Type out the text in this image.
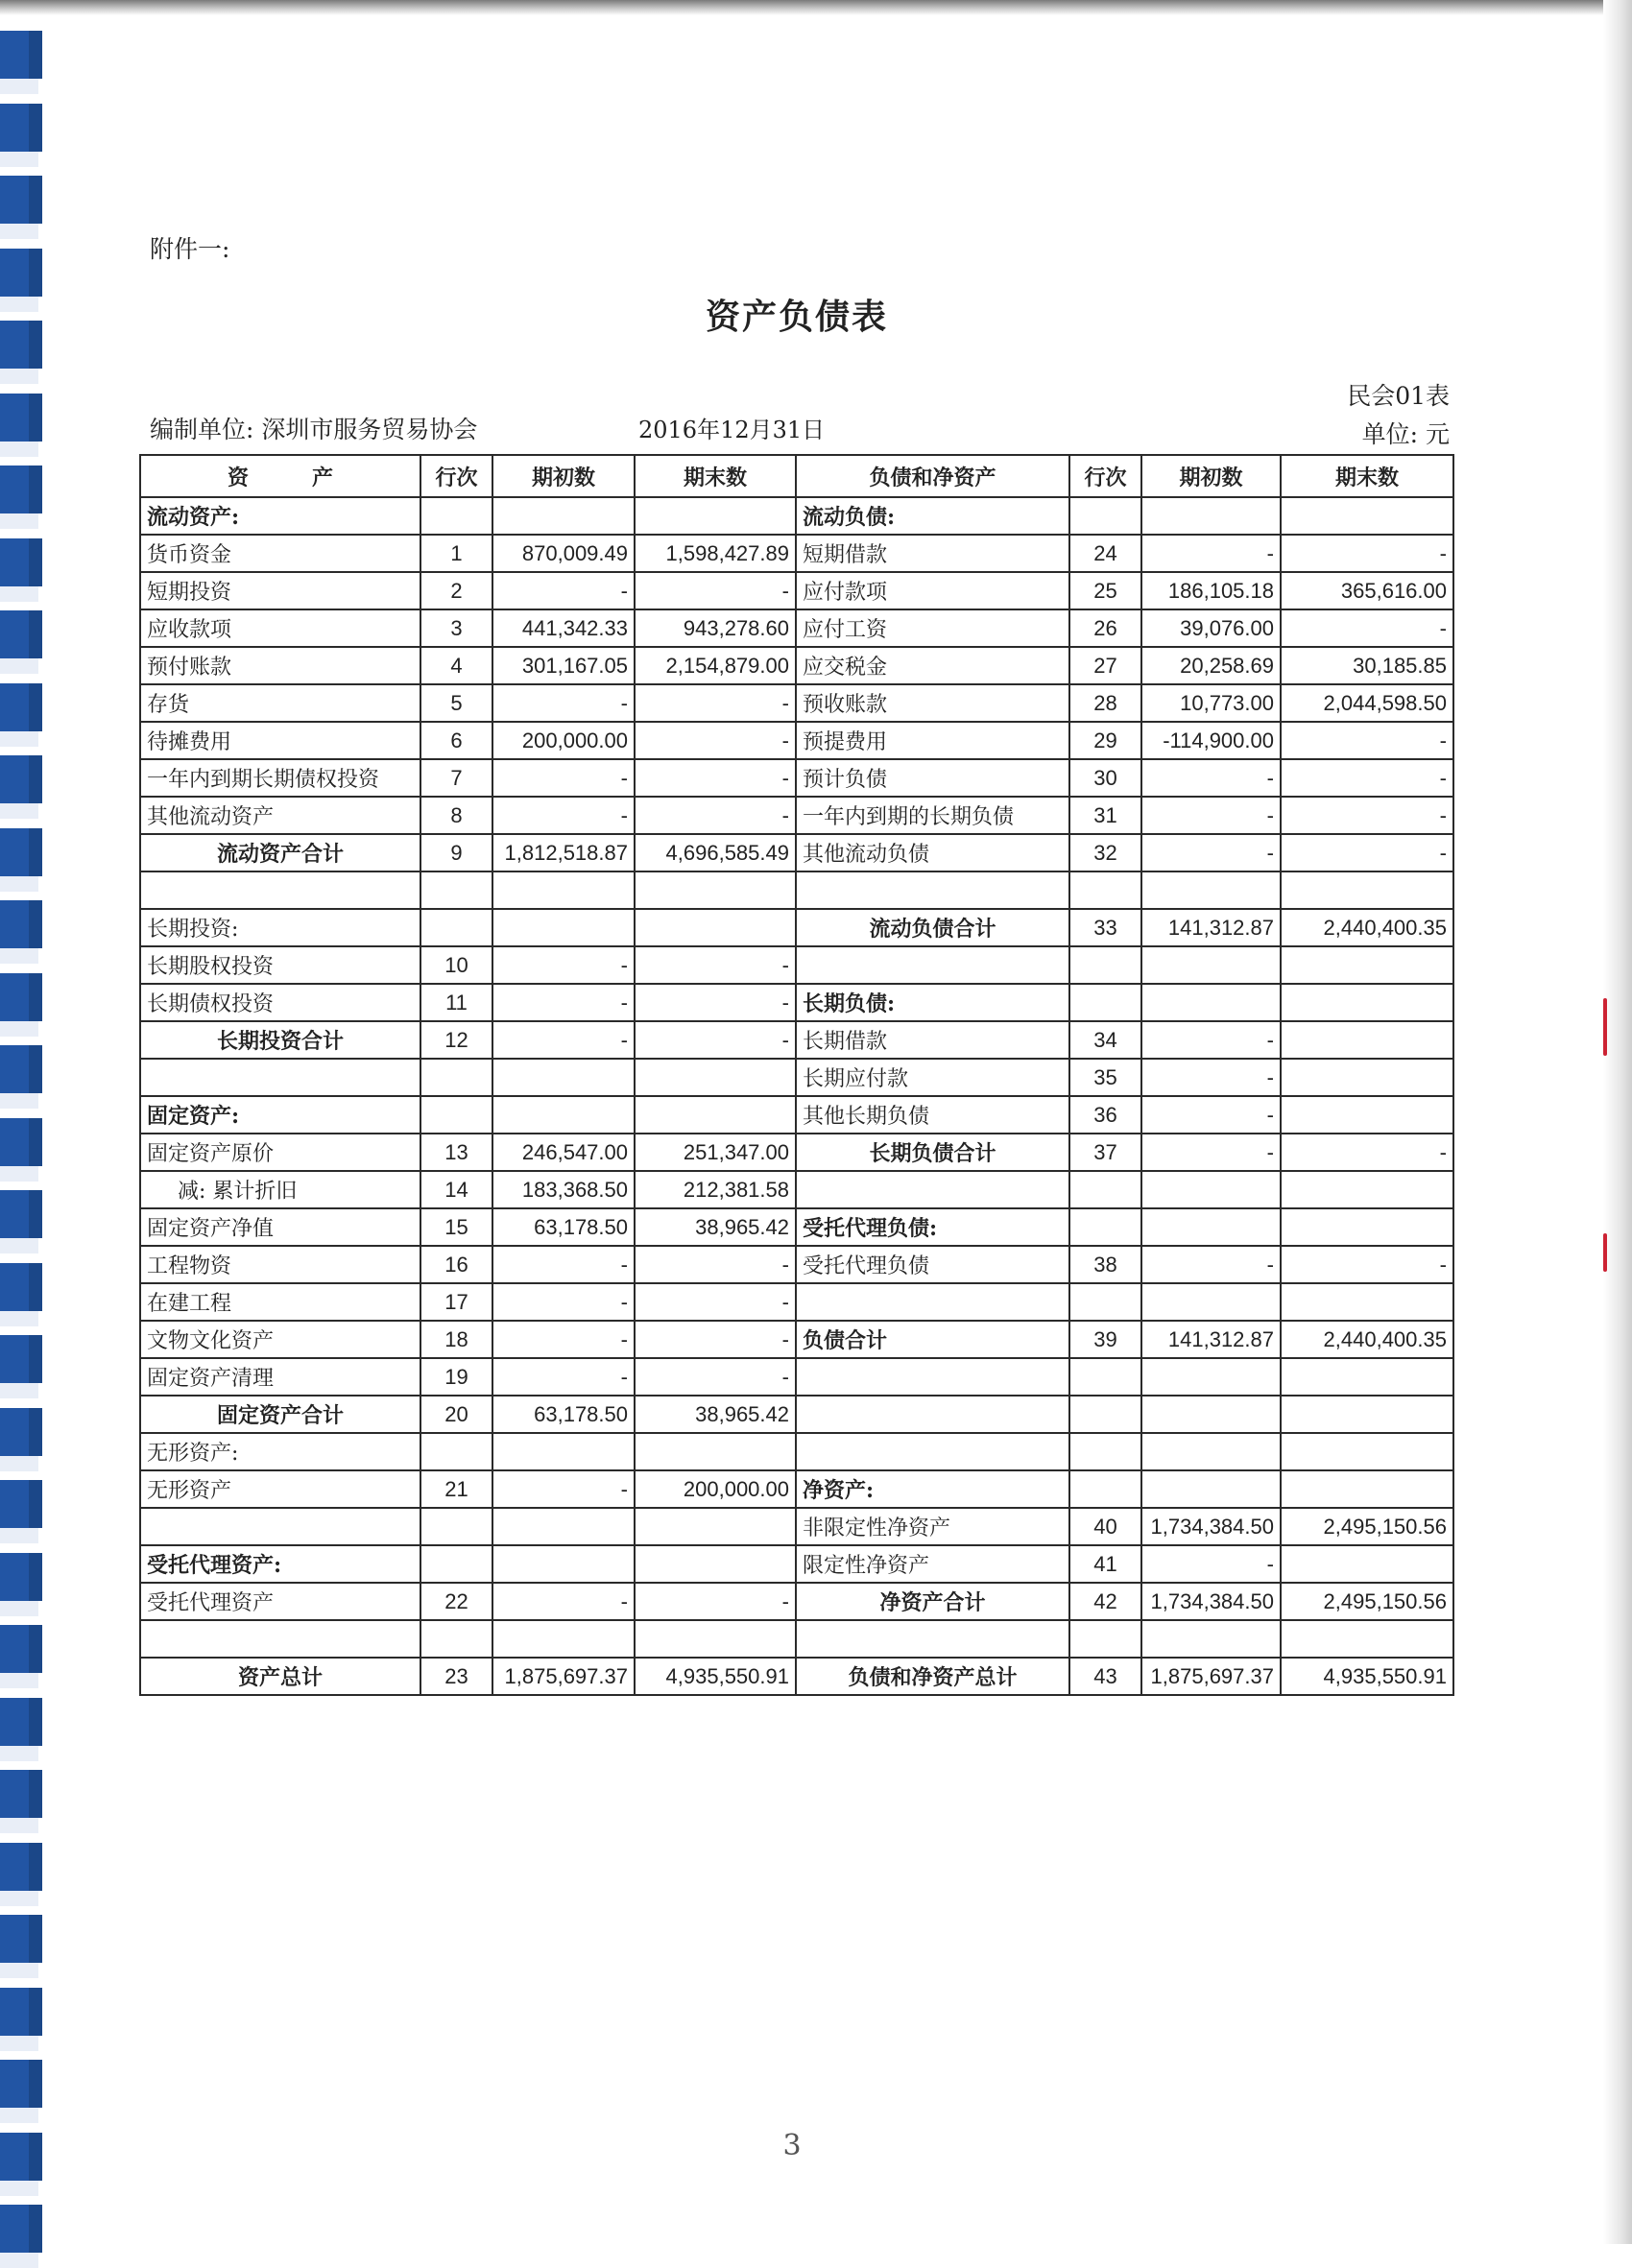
附件一:
资产负债表
民会01表
编制单位: 深圳市服务贸易协会	2016年12月31日	单位: 元
资　　　产	行次	期初数	期末数	负债和净资产	行次	期初数	期末数
流动资产:				流动负债:			
货币资金	1	870,009.49	1,598,427.89	短期借款	24	-	-
短期投资	2	-	-	应付款项	25	186,105.18	365,616.00
应收款项	3	441,342.33	943,278.60	应付工资	26	39,076.00	-
预付账款	4	301,167.05	2,154,879.00	应交税金	27	20,258.69	30,185.85
存货	5	-	-	预收账款	28	10,773.00	2,044,598.50
待摊费用	6	200,000.00	-	预提费用	29	-114,900.00	-
一年内到期长期债权投资	7	-	-	预计负债	30	-	-
其他流动资产	8	-	-	一年内到期的长期负债	31	-	-
流动资产合计	9	1,812,518.87	4,696,585.49	其他流动负债	32	-	-

长期投资:				流动负债合计	33	141,312.87	2,440,400.35
长期股权投资	10	-	-				
长期债权投资	11	-	-	长期负债:			
长期投资合计	12	-	-	长期借款	34	-	
				长期应付款	35	-	
固定资产:				其他长期负债	36	-	
固定资产原价	13	246,547.00	251,347.00	长期负债合计	37	-	-
减: 累计折旧	14	183,368.50	212,381.58				
固定资产净值	15	63,178.50	38,965.42	受托代理负债:			
工程物资	16	-	-	受托代理负债	38	-	-
在建工程	17	-	-				
文物文化资产	18	-	-	负债合计	39	141,312.87	2,440,400.35
固定资产清理	19	-	-				
固定资产合计	20	63,178.50	38,965.42				
无形资产:							
无形资产	21	-	200,000.00	净资产:			
				非限定性净资产	40	1,734,384.50	2,495,150.56
受托代理资产:				限定性净资产	41	-	
受托代理资产	22	-	-	净资产合计	42	1,734,384.50	2,495,150.56

资产总计	23	1,875,697.37	4,935,550.91	负债和净资产总计	43	1,875,697.37	4,935,550.91
3
